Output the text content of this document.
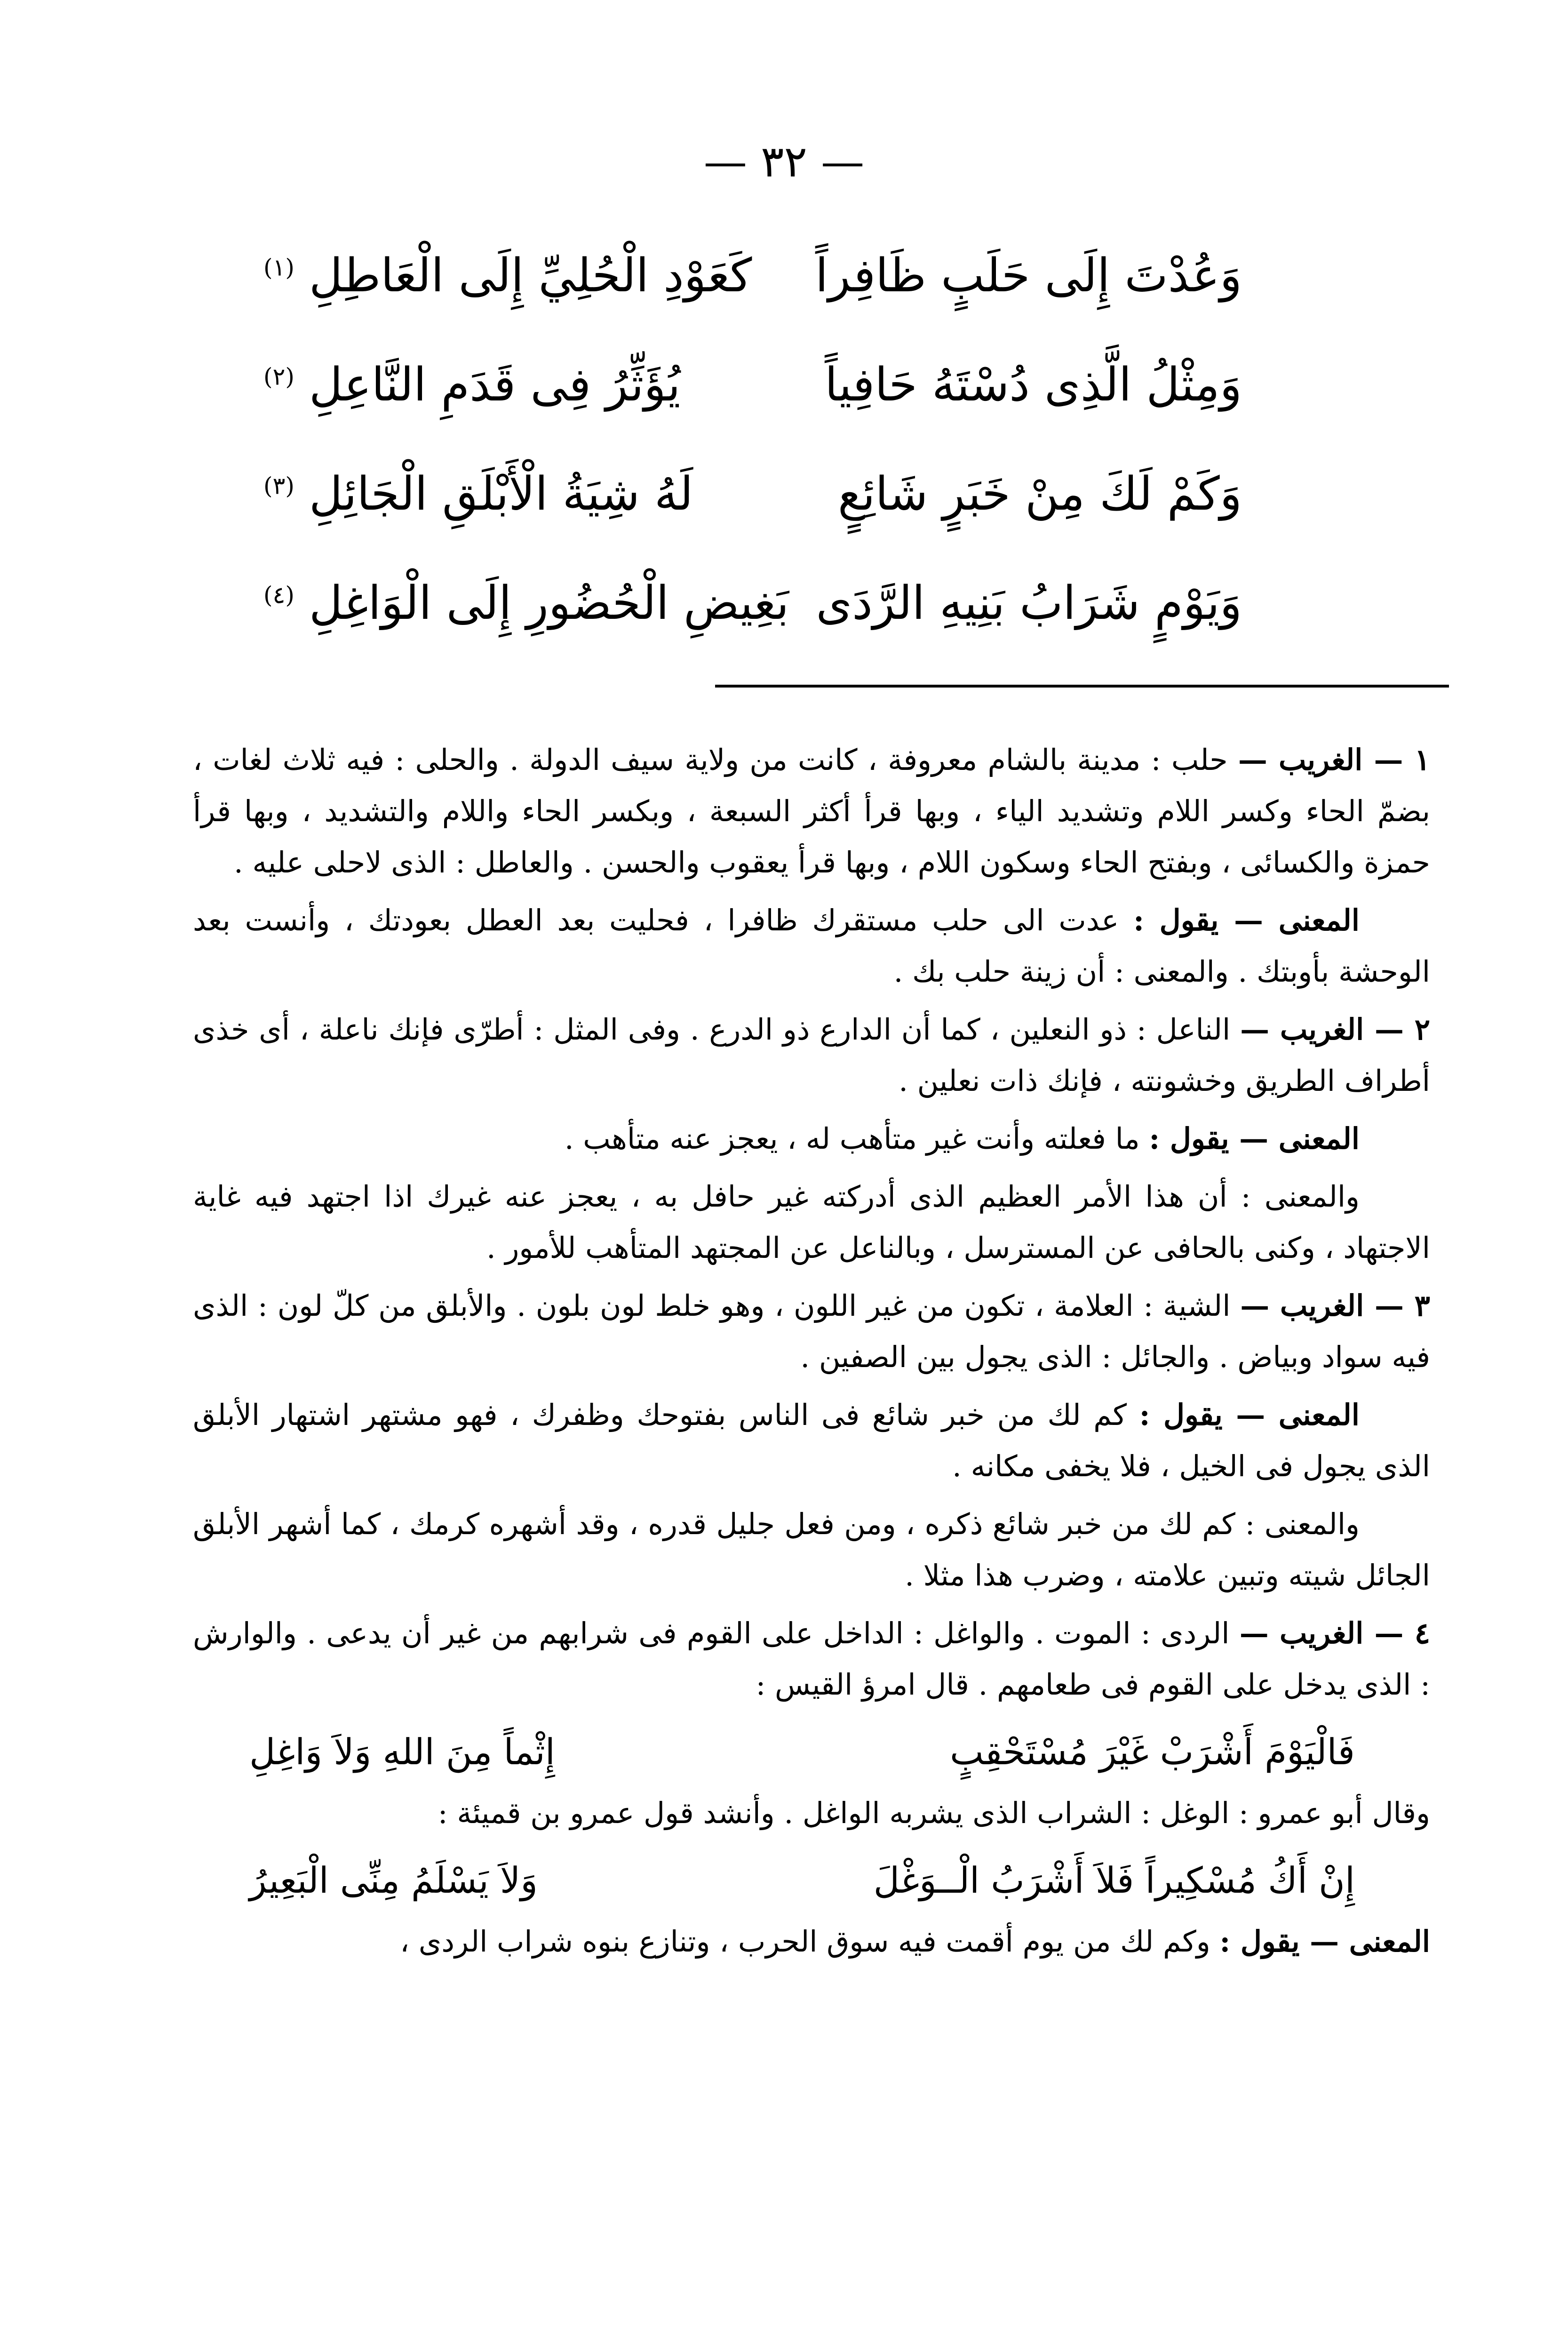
— ٣٢ —
وَعُدْتَ إِلَى حَلَبٍ ظَافِراً
كَعَوْدِ الْحُلِيِّ إِلَى الْعَاطِلِ $^{(١)}$
وَمِثْلُ الَّذِى دُسْتَهُ حَافِياً
يُؤَثِّرُ فِى قَدَمِ النَّاعِلِ $^{(٢)}$
وَكَمْ لَكَ مِنْ خَبَرٍ شَائِعٍ
لَهُ شِيَةُ الْأَبْلَقِ الْجَائِلِ $^{(٣)}$
وَيَوْمٍ شَرَابُ بَنِيهِ الرَّدَى
بَغِيضِ الْحُضُورِ إِلَى الْوَاغِلِ $^{(٤)}$

١ — الغريب — حلب : مدينة بالشام معروفة ، كانت من ولاية سيف الدولة . والحلى : فيه ثلاث لغات ، بضمّ الحاء وكسر اللام وتشديد الياء ، وبها قرأ أكثر السبعة ، وبكسر الحاء واللام والتشديد ، وبها قرأ حمزة والكسائى ، وبفتح الحاء وسكون اللام ، وبها قرأ يعقوب والحسن . والعاطل : الذى لاحلى عليه .

المعنى — يقول : عدت الى حلب مستقرك ظافرا ، فحليت بعد العطل بعودتك ، وأنست بعد الوحشة بأوبتك . والمعنى : أن زينة حلب بك .

٢ — الغريب — الناعل : ذو النعلين ، كما أن الدارع ذو الدرع . وفى المثل : أطرّى فإنك ناعلة ، أى خذى أطراف الطريق وخشونته ، فإنك ذات نعلين .

المعنى — يقول : ما فعلته وأنت غير متأهب له ، يعجز عنه متأهب .

والمعنى : أن هذا الأمر العظيم الذى أدركته غير حافل به ، يعجز عنه غيرك اذا اجتهد فيه غاية الاجتهاد ، وكنى بالحافى عن المسترسل ، وبالناعل عن المجتهد المتأهب للأمور .

٣ — الغريب — الشية : العلامة ، تكون من غير اللون ، وهو خلط لون بلون . والأبلق من كلّ لون : الذى فيه سواد وبياض . والجائل : الذى يجول بين الصفين .

المعنى — يقول : كم لك من خبر شائع فى الناس بفتوحك وظفرك ، فهو مشتهر اشتهار الأبلق الذى يجول فى الخيل ، فلا يخفى مكانه .

والمعنى : كم لك من خبر شائع ذكره ، ومن فعل جليل قدره ، وقد أشهره كرمك ، كما أشهر الأبلق الجائل شيته وتبين علامته ، وضرب هذا مثلا .

٤ — الغريب — الردى : الموت . والواغل : الداخل على القوم فى شرابهم من غير أن يدعى . والوارش : الذى يدخل على القوم فى طعامهم . قال امرؤ القيس :

فَالْيَوْمَ أَشْرَبْ غَيْرَ مُسْتَحْقِبٍ
إِثْماً مِنَ اللهِ وَلاَ وَاغِلِ

وقال أبو عمرو : الوغل : الشراب الذى يشربه الواغل . وأنشد قول عمرو بن قميئة :

إِنْ أَكُ مُسْكِيراً فَلاَ أَشْرَبُ الْــوَغْلَ
وَلاَ يَسْلَمُ مِنِّى الْبَعِيرُ

المعنى — يقول : وكم لك من يوم أقمت فيه سوق الحرب ، وتنازع بنوه شراب الردى ،
